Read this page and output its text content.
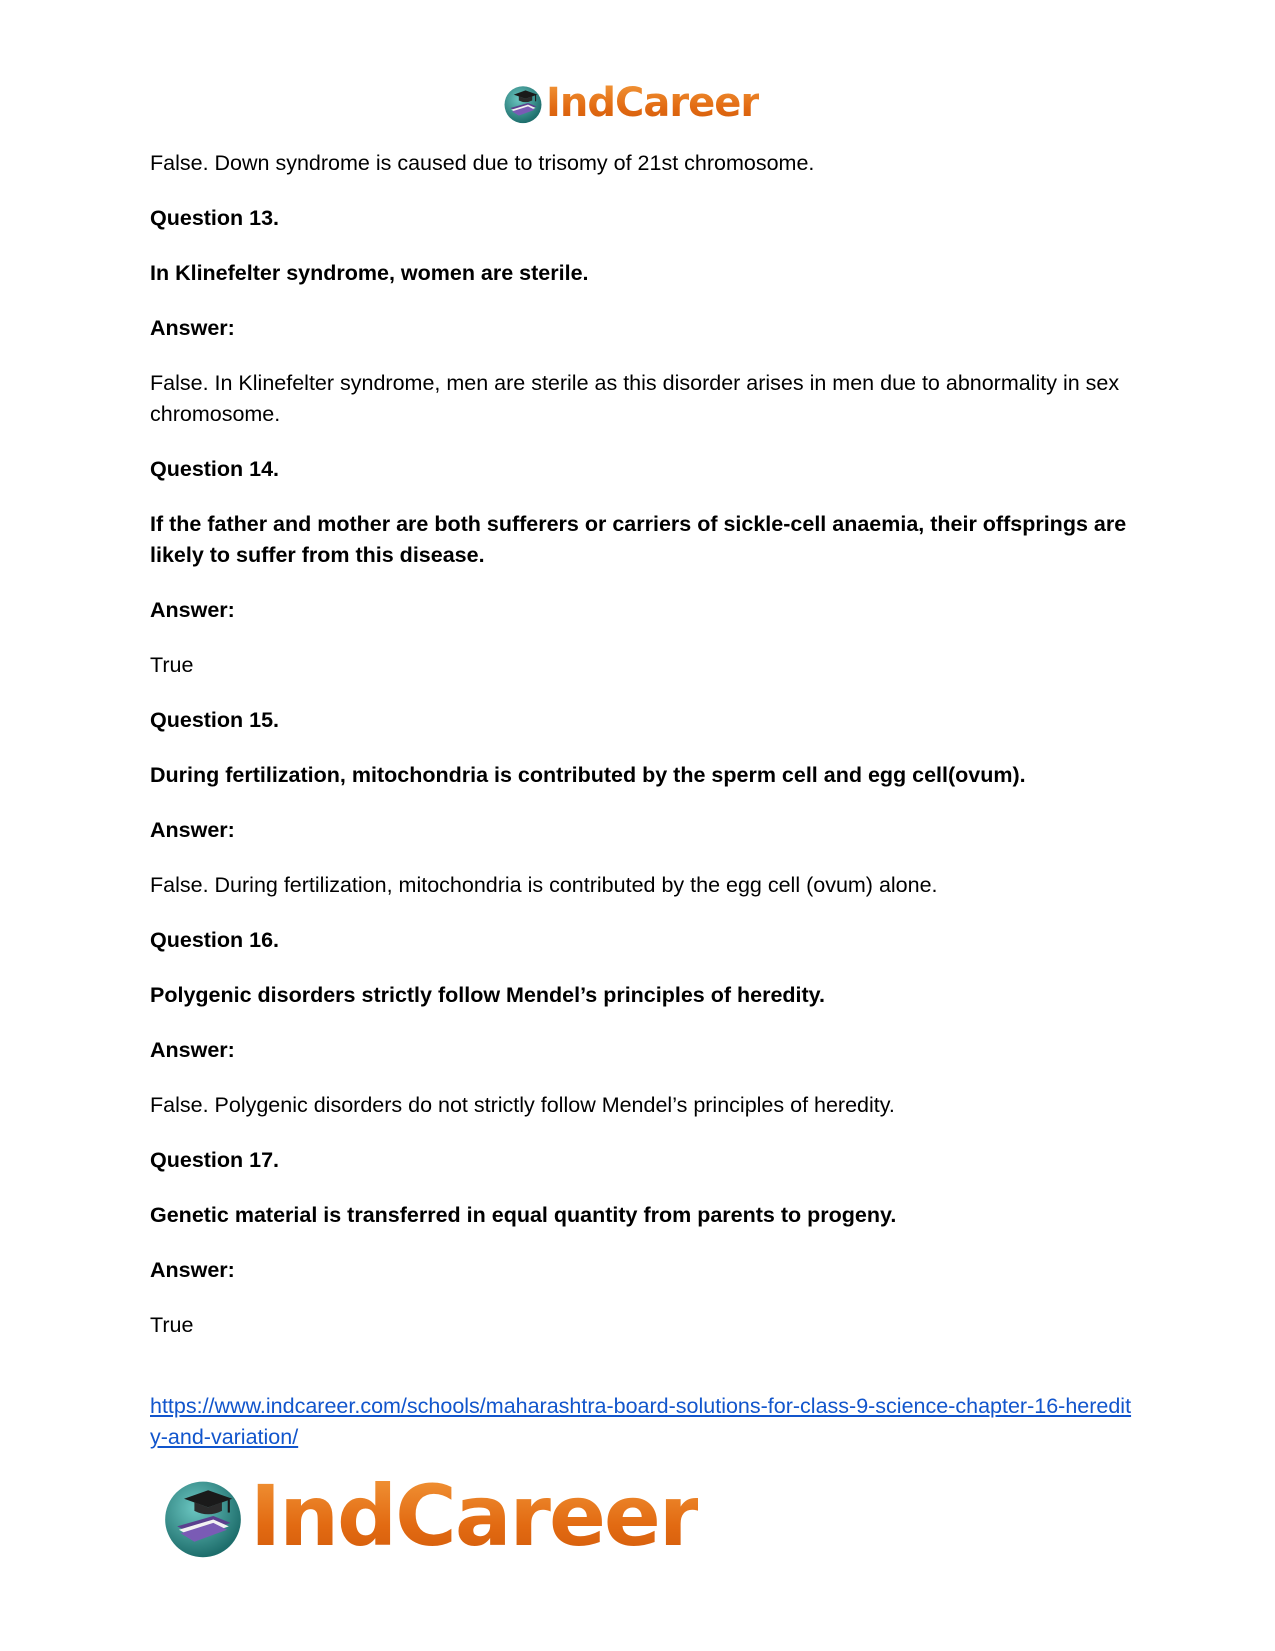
IndCareer

False. Down syndrome is caused due to trisomy of 21st chromosome.

Question 13.

In Klinefelter syndrome, women are sterile.

Answer:

False. In Klinefelter syndrome, men are sterile as this disorder arises in men due to abnormality in sex chromosome.

Question 14.

If the father and mother are both sufferers or carriers of sickle-cell anaemia, their offsprings are likely to suffer from this disease.

Answer:

True

Question 15.

During fertilization, mitochondria is contributed by the sperm cell and egg cell(ovum).

Answer:

False. During fertilization, mitochondria is contributed by the egg cell (ovum) alone.

Question 16.

Polygenic disorders strictly follow Mendel’s principles of heredity.

Answer:

False. Polygenic disorders do not strictly follow Mendel’s principles of heredity.

Question 17.

Genetic material is transferred in equal quantity from parents to progeny.

Answer:

True

https://www.indcareer.com/schools/maharashtra-board-solutions-for-class-9-science-chapter-16-heredity-and-variation/
IndCareer
